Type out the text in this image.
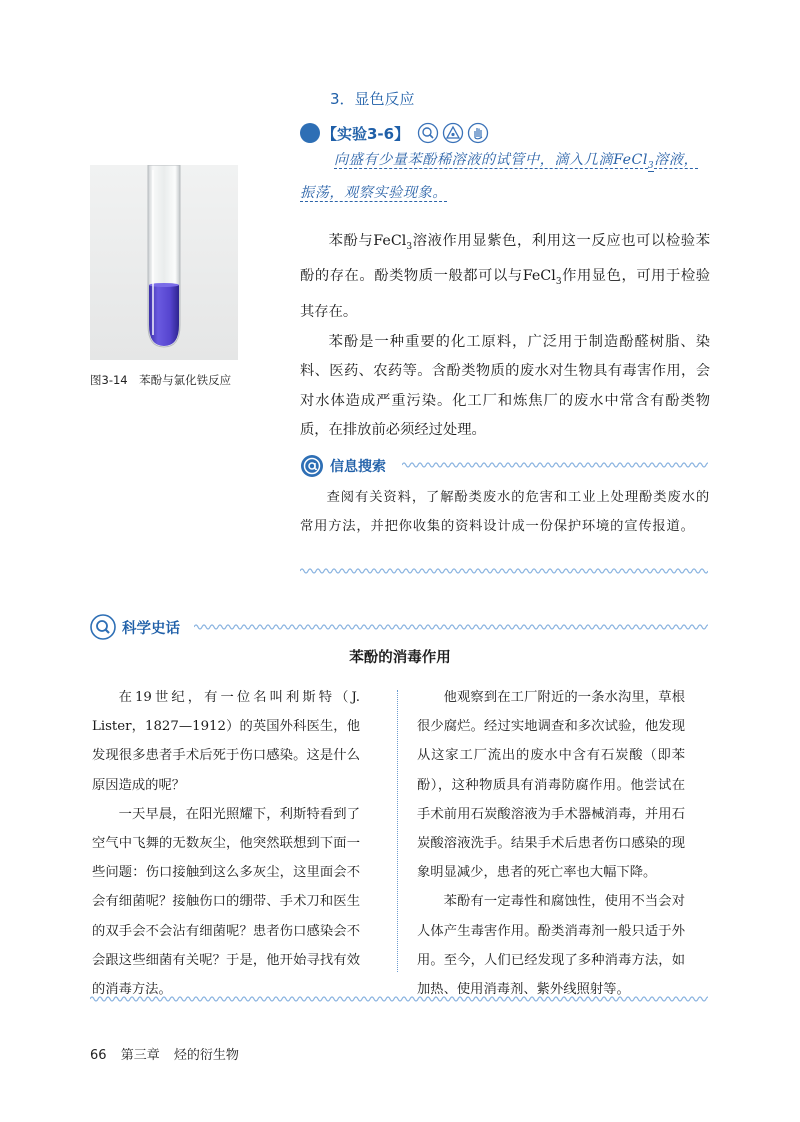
3．显色反应
【实验3-6】
向盛有少量苯酚稀溶液的试管中，滴入几滴FeCl$_3$溶液，振荡，观察实验现象。
图3-14　苯酚与氯化铁反应

苯酚与FeCl$_3$溶液作用显紫色，利用这一反应也可以检验苯酚的存在。酚类物质一般都可以与FeCl$_3$作用显色，可用于检验其存在。

苯酚是一种重要的化工原料，广泛用于制造酚醛树脂、染料、医药、农药等。含酚类物质的废水对生物具有毒害作用，会对水体造成严重污染。化工厂和炼焦厂的废水中常含有酚类物质，在排放前必须经过处理。

信息搜索
查阅有关资料，了解酚类废水的危害和工业上处理酚类废水的常用方法，并把你收集的资料设计成一份保护环境的宣传报道。
科学史话
苯酚的消毒作用

在19世纪，有一位名叫利斯特（J. Lister，1827—1912）的英国外科医生，他发现很多患者手术后死于伤口感染。这是什么原因造成的呢？

一天早晨，在阳光照耀下，利斯特看到了空气中飞舞的无数灰尘，他突然联想到下面一些问题：伤口接触到这么多灰尘，这里面会不会有细菌呢？接触伤口的绷带、手术刀和医生的双手会不会沾有细菌呢？患者伤口感染会不会跟这些细菌有关呢？于是，他开始寻找有效的消毒方法。

他观察到在工厂附近的一条水沟里，草根很少腐烂。经过实地调查和多次试验，他发现从这家工厂流出的废水中含有石炭酸（即苯酚），这种物质具有消毒防腐作用。他尝试在手术前用石炭酸溶液为手术器械消毒，并用石炭酸溶液洗手。结果手术后患者伤口感染的现象明显减少，患者的死亡率也大幅下降。

苯酚有一定毒性和腐蚀性，使用不当会对人体产生毒害作用。酚类消毒剂一般只适于外用。至今，人们已经发现了多种消毒方法，如加热、使用消毒剂、紫外线照射等。

66 第三章 烃的衍生物
